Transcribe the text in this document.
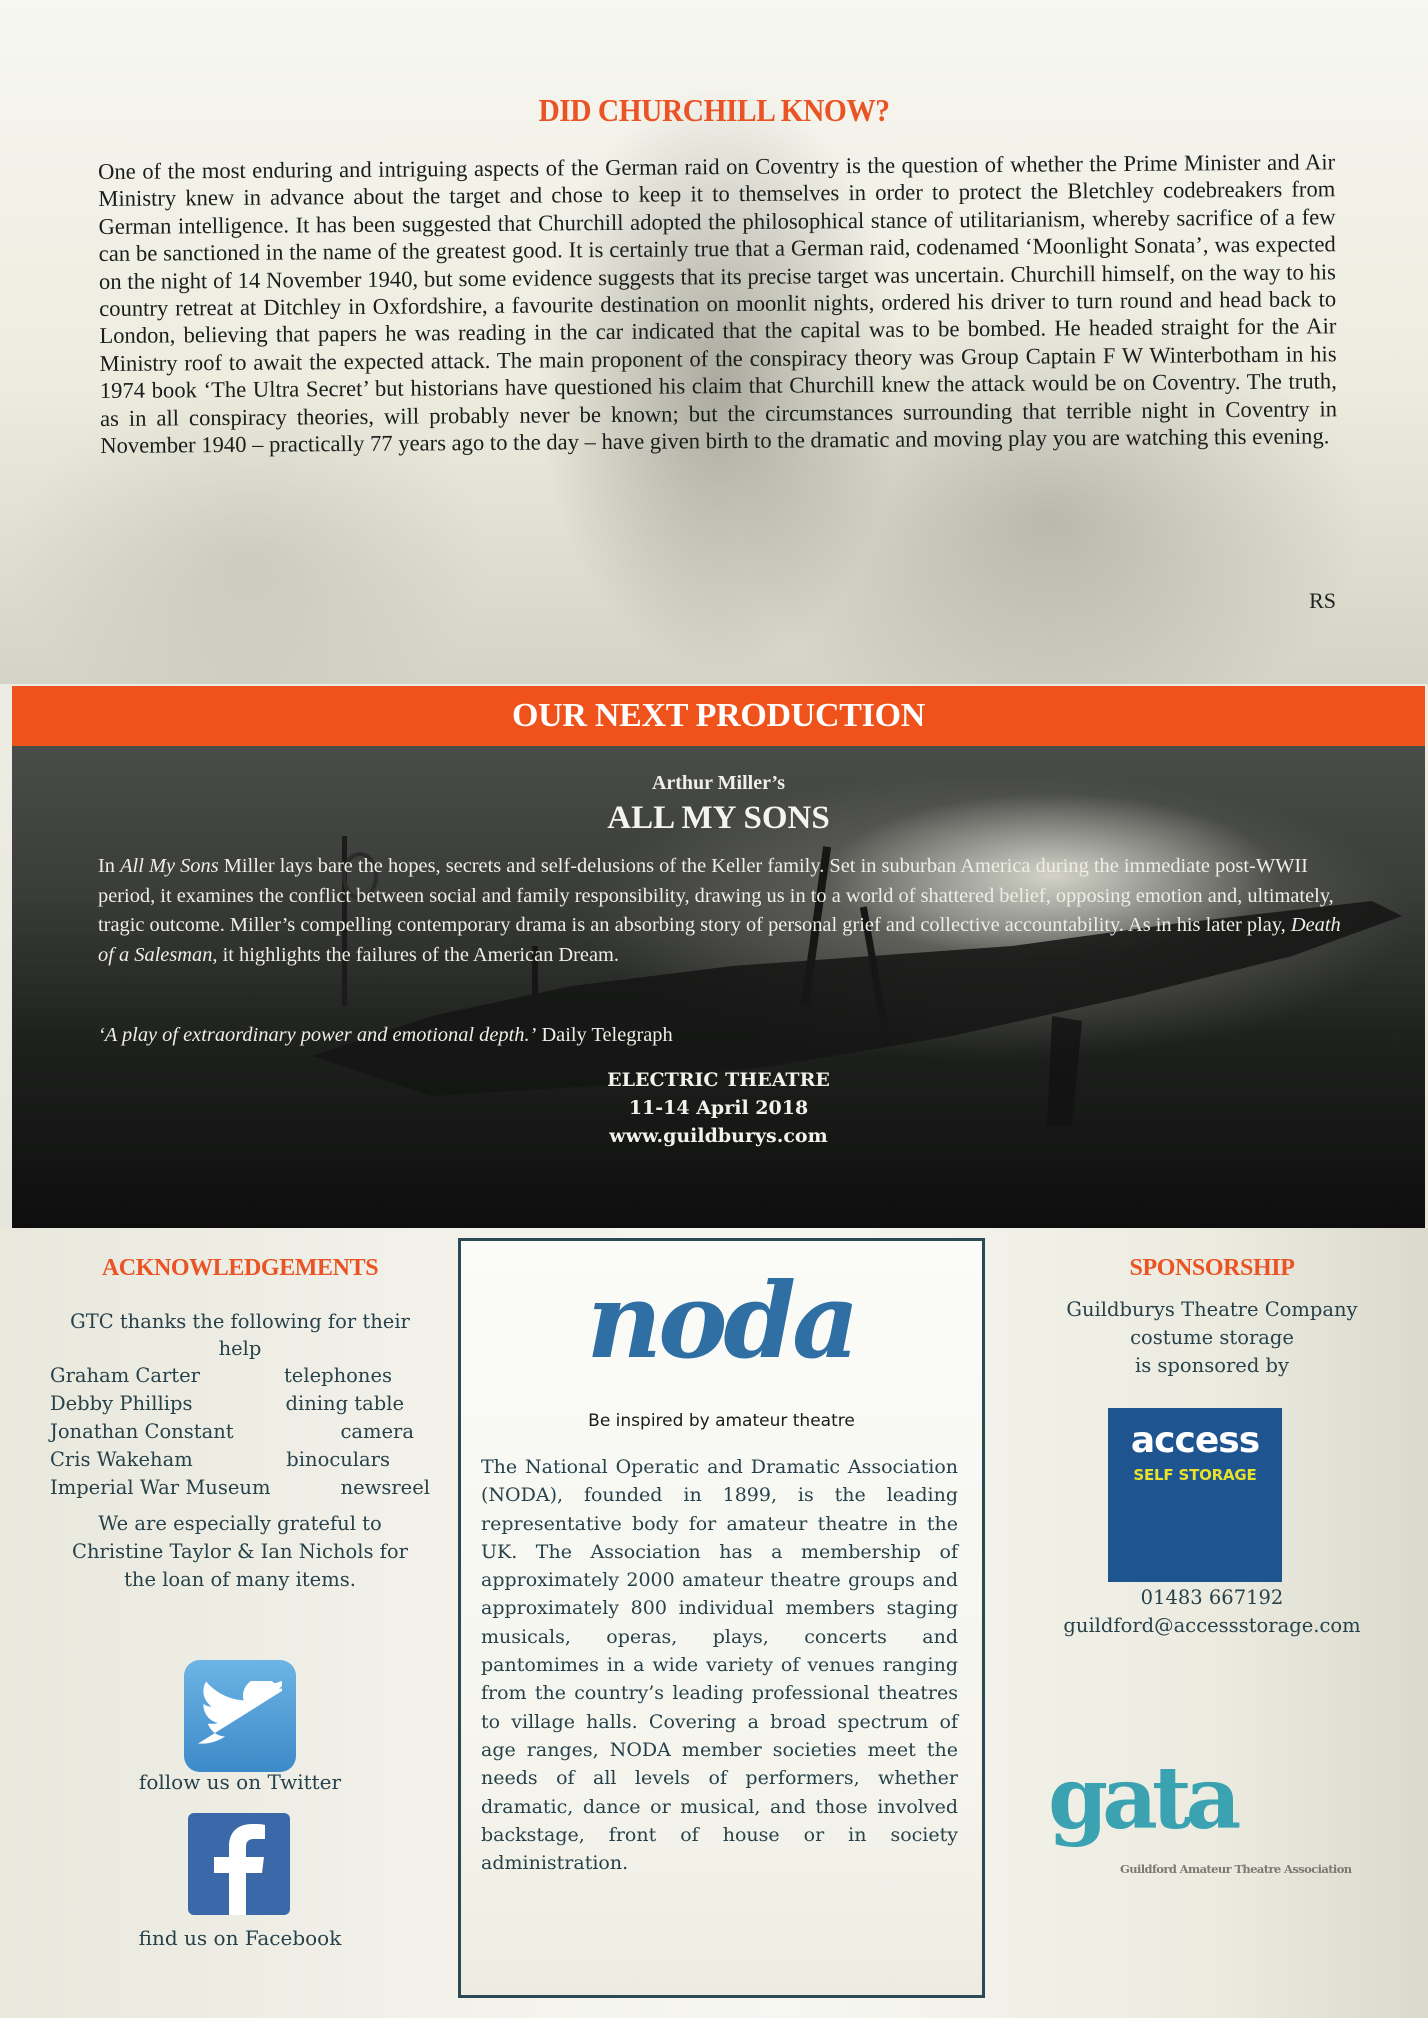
DID CHURCHILL KNOW?
One of the most enduring and intriguing aspects of the German raid on Coventry is the question of whether the Prime Minister and Air Ministry knew in advance about the target and chose to keep it to themselves in order to protect the Bletchley codebreakers from German intelligence. It has been suggested that Churchill adopted the philosophical stance of utilitarianism, whereby sacrifice of a few can be sanctioned in the name of the greatest good. It is certainly true that a German raid, codenamed ‘Moonlight Sonata’, was expected on the night of 14 November 1940, but some evidence suggests that its precise target was uncertain. Churchill himself, on the way to his country retreat at Ditchley in Oxfordshire, a favourite destination on moonlit nights, ordered his driver to turn round and head back to London, believing that papers he was reading in the car indicated that the capital was to be bombed. He headed straight for the Air Ministry roof to await the expected attack. The main proponent of the conspiracy theory was Group Captain F W Winterbotham in his 1974 book ‘The Ultra Secret’ but historians have questioned his claim that Churchill knew the attack would be on Coventry. The truth, as in all conspiracy theories, will probably never be known; but the circumstances surrounding that terrible night in Coventry in November 1940 – practically 77 years ago to the day – have given birth to the dramatic and moving play you are watching this evening.
RS
OUR NEXT PRODUCTION
Arthur Miller’s
ALL MY SONS
In All My Sons Miller lays bare the hopes, secrets and self-delusions of the Keller family. Set in suburban America during the immediate post-WWII period, it examines the conflict between social and family responsibility, drawing us in to a world of shattered belief, opposing emotion and, ultimately, tragic outcome. Miller’s compelling contemporary drama is an absorbing story of personal grief and collective accountability. As in his later play, Death of a Salesman, it highlights the failures of the American Dream.
‘A play of extraordinary power and emotional depth.’ Daily Telegraph
ELECTRIC THEATRE
11-14 April 2018
www.guildburys.com
ACKNOWLEDGEMENTS
GTC thanks the following for their help
Graham Carter	telephones
Debby Phillips	dining table
Jonathan Constant	camera
Cris Wakeham	binoculars
Imperial War Museum	newsreel
We are especially grateful to Christine Taylor & Ian Nichols for the loan of many items.
follow us on Twitter
find us on Facebook
noda
Be inspired by amateur theatre
The National Operatic and Dramatic Association (NODA), founded in 1899, is the leading representative body for amateur theatre in the UK. The Association has a membership of approximately 2000 amateur theatre groups and approximately 800 individual members staging musicals, operas, plays, concerts and pantomimes in a wide variety of venues ranging from the country’s leading professional theatres to village halls. Covering a broad spectrum of age ranges, NODA member societies meet the needs of all levels of performers, whether dramatic, dance or musical, and those involved backstage, front of house or in society administration.
SPONSORSHIP
Guildburys Theatre Company
costume storage
is sponsored by
access
SELF STORAGE
01483 667192
guildford@accessstorage.com
gata
Guildford Amateur Theatre Association
